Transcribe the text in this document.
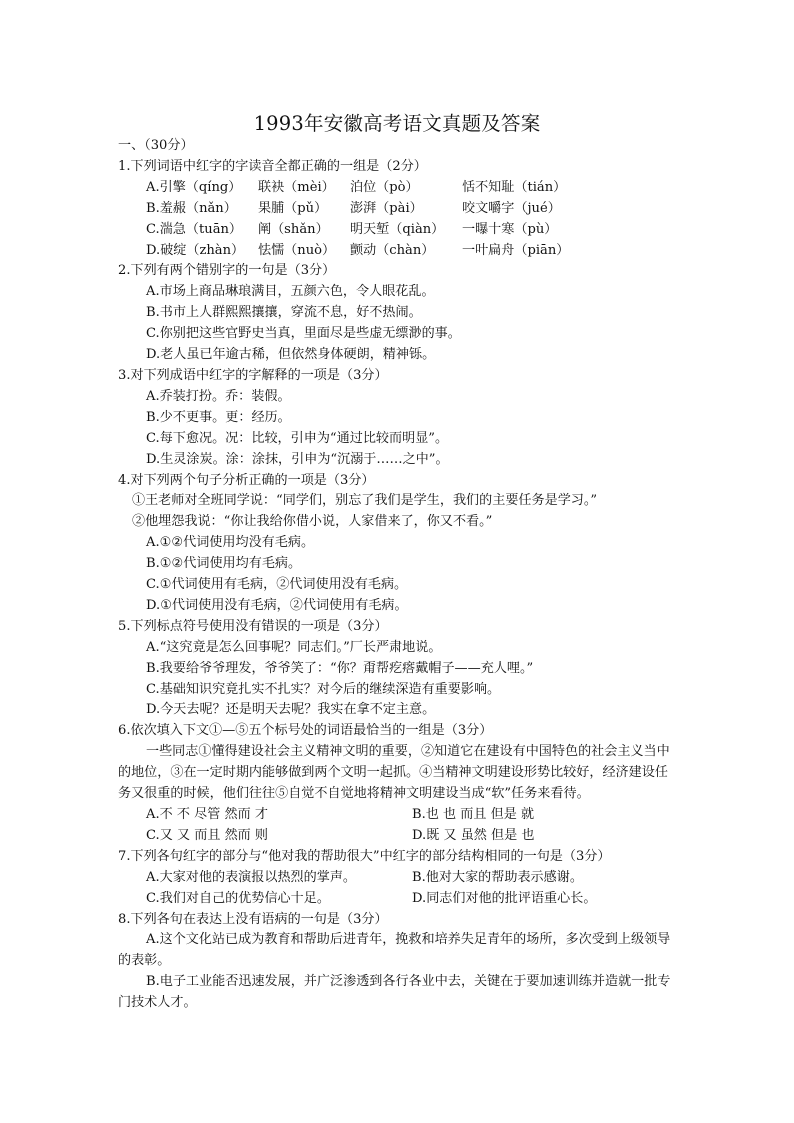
1993年安徽高考语文真题及答案
一、（30分）
1.下列词语中红字的字读音全都正确的一组是（2分）
A.引擎（qíng）	联袂（mèi）	泊位（pò）	恬不知耻（tián）
B.羞赧（nǎn）	果脯（pǔ）	澎湃（pài）	咬文嚼字（jué）
C.湍急（tuān）	阐（shǎn）	明天堑（qiàn）	一曝十寒（pù）
D.破绽（zhàn）	怯懦（nuò）	颤动（chàn）	一叶扁舟（piān）
2.下列有两个错别字的一句是（3分）
A.市场上商品琳琅满目，五颜六色，令人眼花乱。
B.书市上人群熙熙攘攘，穿流不息，好不热闹。
C.你别把这些官野史当真，里面尽是些虚无缥渺的事。
D.老人虽已年逾古稀，但依然身体硬朗，精神铄。
3.对下列成语中红字的字解释的一项是（3分）
A.乔装打扮。乔：装假。
B.少不更事。更：经历。
C.每下愈况。况：比较，引申为“通过比较而明显”。
D.生灵涂炭。涂：涂抹，引申为“沉溺于……之中”。
4.对下列两个句子分析正确的一项是（3分）
①王老师对全班同学说：“同学们，别忘了我们是学生，我们的主要任务是学习。”
②他埋怨我说：“你让我给你借小说，人家借来了，你又不看。”
A.①②代词使用均没有毛病。
B.①②代词使用均有毛病。
C.①代词使用有毛病，②代词使用没有毛病。
D.①代词使用没有毛病，②代词使用有毛病。
5.下列标点符号使用没有错误的一项是（3分）
A.“这究竟是怎么回事呢？同志们。”厂长严肃地说。
B.我要给爷爷理发，爷爷笑了：“你？甭帮疙瘩戴帽子——充人哩。”
C.基础知识究竟扎实不扎实？对今后的继续深造有重要影响。
D.今天去呢？还是明天去呢？我实在拿不定主意。
6.依次填入下文①—⑤五个标号处的词语最恰当的一组是（3分）
一些同志①懂得建设社会主义精神文明的重要，②知道它在建设有中国特色的社会主义当中的地位，③在一定时期内能够做到两个文明一起抓。④当精神文明建设形势比较好，经济建设任务又很重的时候，他们往往⑤自觉不自觉地将精神文明建设当成“软”任务来看待。
A.不 不 尽管 然而 才	B.也 也 而且 但是 就
C.又 又 而且 然而 则	D.既 又 虽然 但是 也
7.下列各句红字的部分与“他对我的帮助很大”中红字的部分结构相同的一句是（3分）
A.大家对他的表演报以热烈的掌声。	B.他对大家的帮助表示感谢。
C.我们对自己的优势信心十足。	D.同志们对他的批评语重心长。
8.下列各句在表达上没有语病的一句是（3分）
A.这个文化站已成为教育和帮助后进青年，挽救和培养失足青年的场所，多次受到上级领导的表彰。
B.电子工业能否迅速发展，并广泛渗透到各行各业中去，关键在于要加速训练并造就一批专门技术人才。
